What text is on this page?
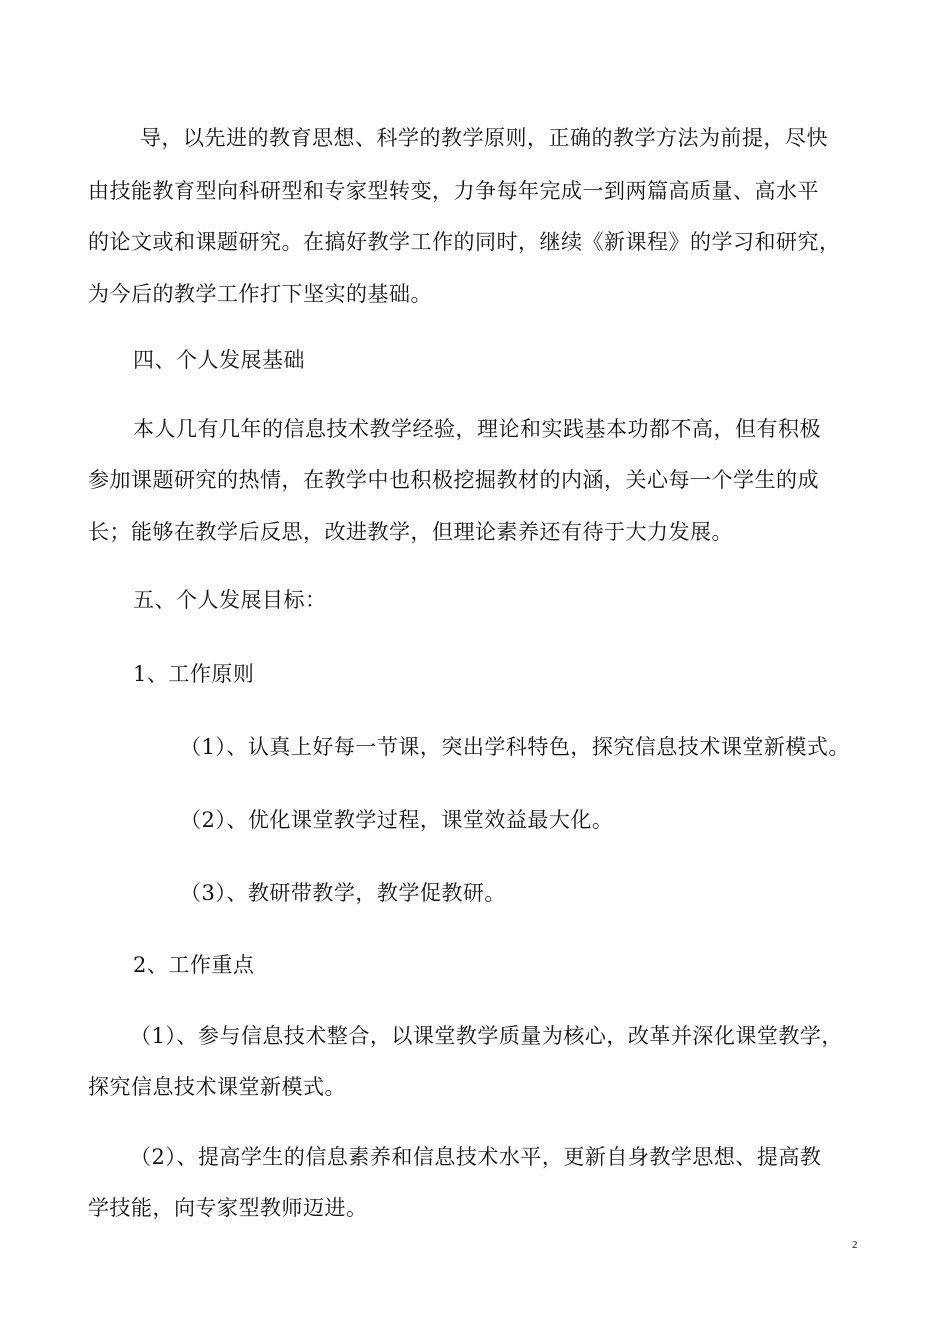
导，以先进的教育思想、科学的教学原则，正确的教学方法为前提，尽快
由技能教育型向科研型和专家型转变，力争每年完成一到两篇高质量、高水平
的论文或和课题研究。在搞好教学工作的同时，继续《新课程》的学习和研究，
为今后的教学工作打下坚实的基础。
四、个人发展基础
本人几有几年的信息技术教学经验，理论和实践基本功都不高，但有积极
参加课题研究的热情，在教学中也积极挖掘教材的内涵，关心每一个学生的成
长；能够在教学后反思，改进教学，但理论素养还有待于大力发展。
五、个人发展目标：
1、工作原则
（1）、认真上好每一节课，突出学科特色，探究信息技术课堂新模式。
（2）、优化课堂教学过程，课堂效益最大化。
（3）、教研带教学，教学促教研。
2、工作重点
（1）、参与信息技术整合，以课堂教学质量为核心，改革并深化课堂教学，
探究信息技术课堂新模式。
（2）、提高学生的信息素养和信息技术水平，更新自身教学思想、提高教
学技能，向专家型教师迈进。
2
